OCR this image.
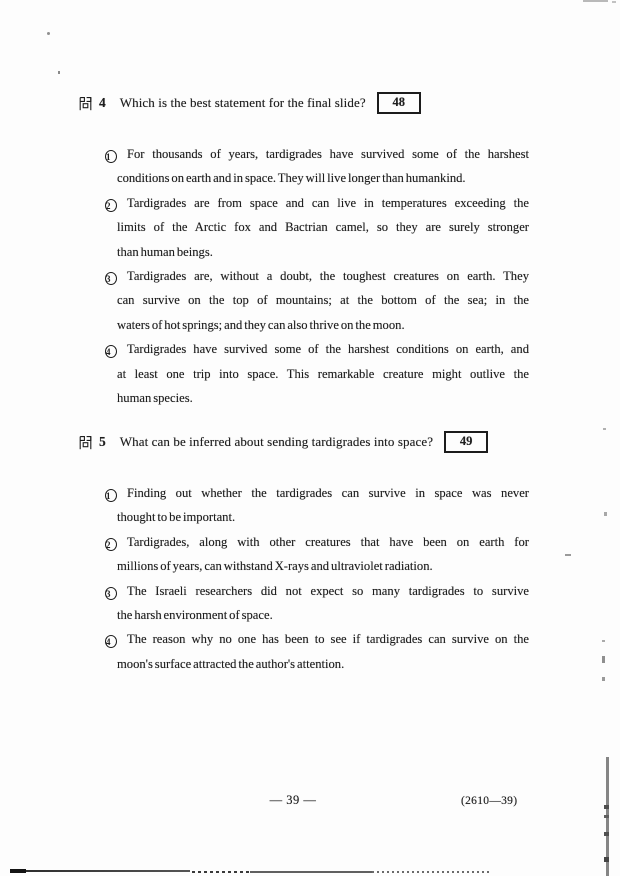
4 Which is the best statement for the final slide?	48
1 For thousands of years, tardigrades have survived some of the harshest
conditions on earth and in space. They will live longer than humankind.
2 Tardigrades are from space and can live in temperatures exceeding the
limits of the Arctic fox and Bactrian camel, so they are surely stronger
than human beings.
3 Tardigrades are, without a doubt, the toughest creatures on earth. They
can survive on the top of mountains; at the bottom of the sea; in the
waters of hot springs; and they can also thrive on the moon.
4 Tardigrades have survived some of the harshest conditions on earth, and
at least one trip into space. This remarkable creature might outlive the
human species.
5 What can be inferred about sending tardigrades into space?	49
1 Finding out whether the tardigrades can survive in space was never
thought to be important.
2 Tardigrades, along with other creatures that have been on earth for
millions of years, can withstand X-rays and ultraviolet radiation.
3 The Israeli researchers did not expect so many tardigrades to survive
the harsh environment of space.
4 The reason why no one has been to see if tardigrades can survive on the
moon's surface attracted the author's attention.
— 39 —	(2610—39)
